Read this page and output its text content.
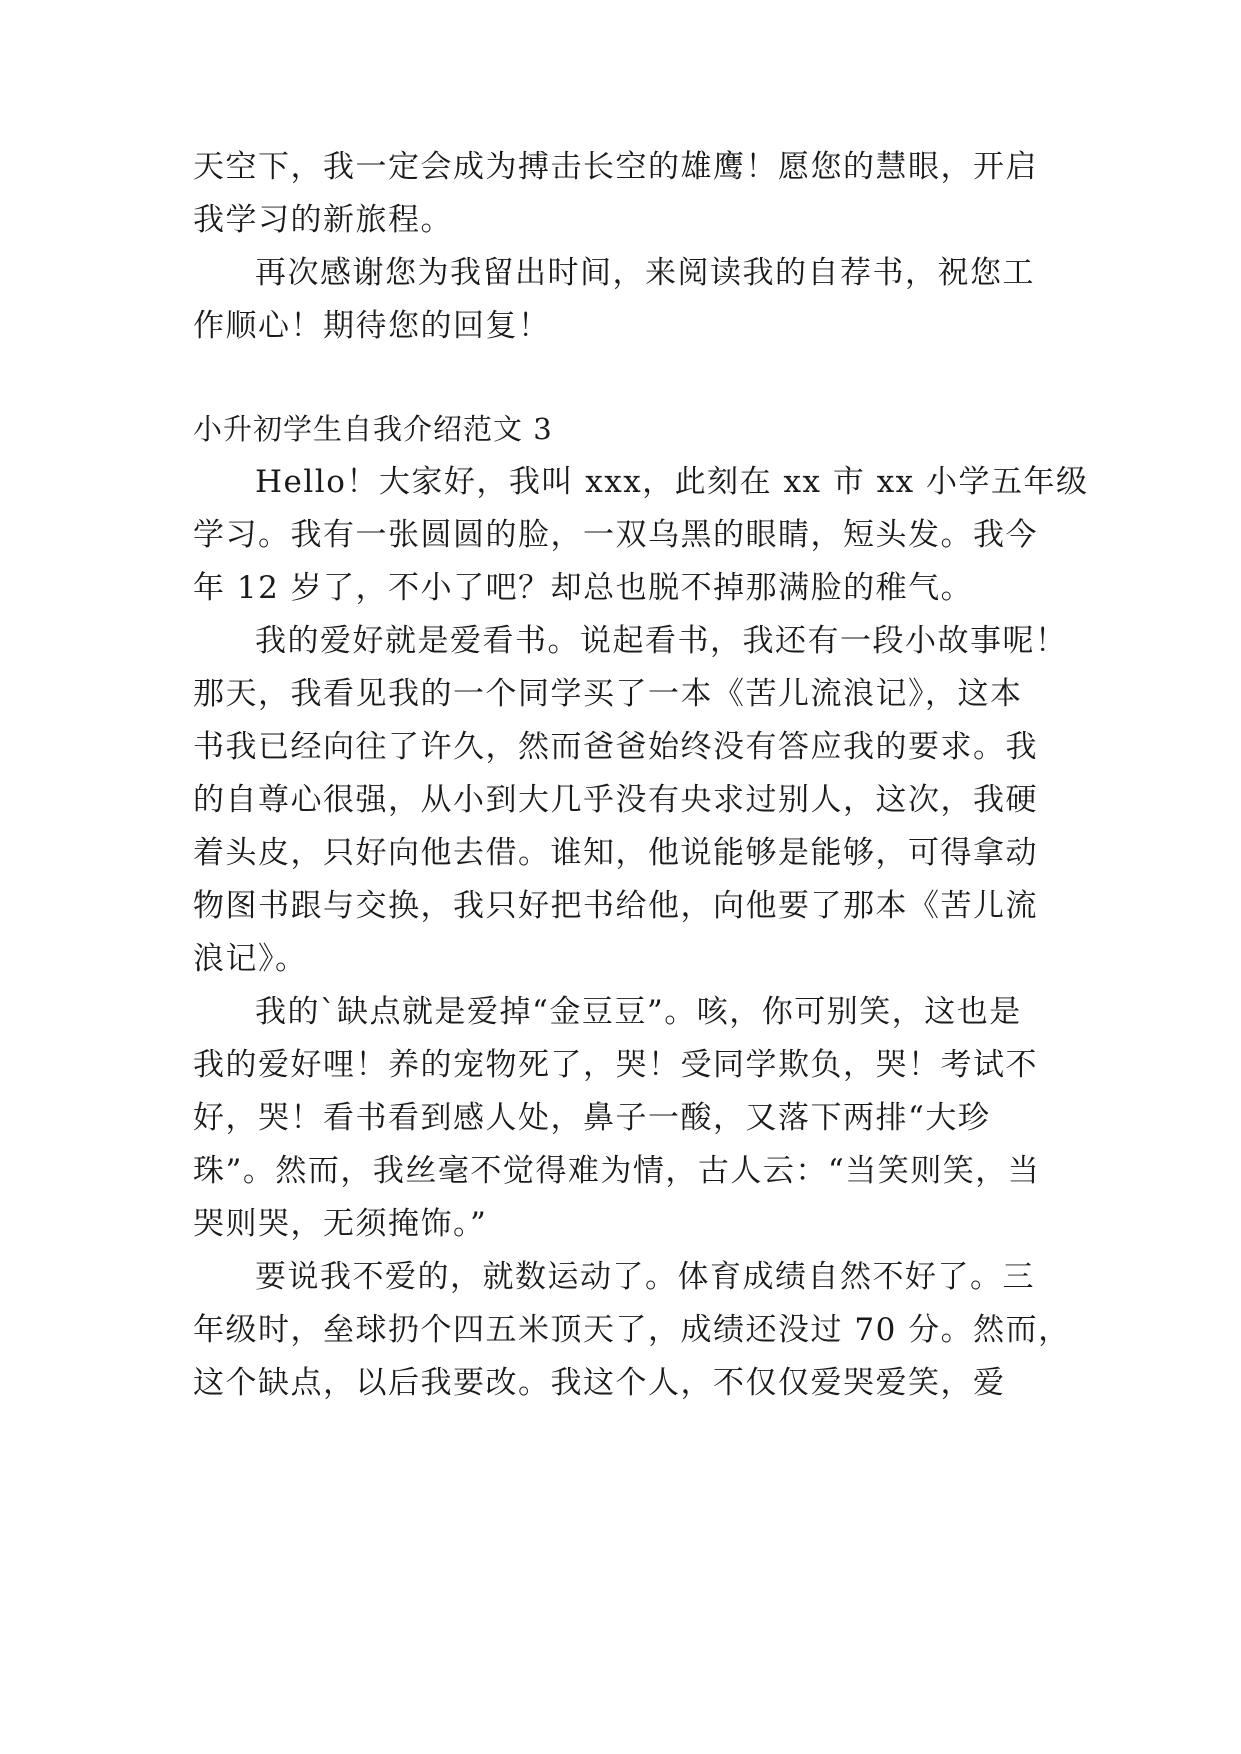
天空下，我一定会成为搏击长空的雄鹰！愿您的慧眼，开启
我学习的新旅程。
再次感谢您为我留出时间，来阅读我的自荐书，祝您工
作顺心！期待您的回复！
小升初学生自我介绍范文 3
Hello！大家好，我叫 xxx，此刻在 xx 市 xx 小学五年级
学习。我有一张圆圆的脸，一双乌黑的眼睛，短头发。我今
年 12 岁了，不小了吧？却总也脱不掉那满脸的稚气。
我的爱好就是爱看书。说起看书，我还有一段小故事呢！
那天，我看见我的一个同学买了一本《苦儿流浪记》，这本
书我已经向往了许久，然而爸爸始终没有答应我的要求。我
的自尊心很强，从小到大几乎没有央求过别人，这次，我硬
着头皮，只好向他去借。谁知，他说能够是能够，可得拿动
物图书跟与交换，我只好把书给他，向他要了那本《苦儿流
浪记》。
我的`缺点就是爱掉“金豆豆”。咳，你可别笑，这也是
我的爱好哩！养的宠物死了，哭！受同学欺负，哭！考试不
好，哭！看书看到感人处，鼻子一酸，又落下两排“大珍
珠”。然而，我丝毫不觉得难为情，古人云：“当笑则笑，当
哭则哭，无须掩饰。”
要说我不爱的，就数运动了。体育成绩自然不好了。三
年级时，垒球扔个四五米顶天了，成绩还没过 70 分。然而，
这个缺点，以后我要改。我这个人，不仅仅爱哭爱笑，爱
